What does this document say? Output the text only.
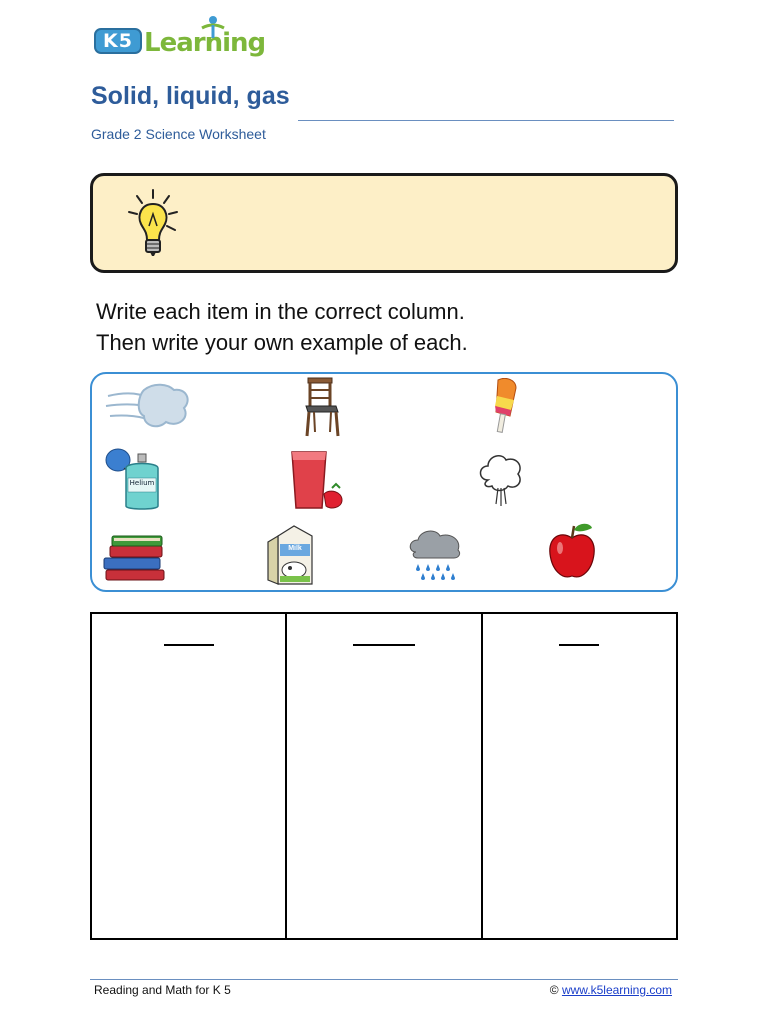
K5 Learning
Solid, liquid, gas
Grade 2 Science Worksheet
Write each item in the correct column.
Then write your own example of each.
Helium
Milk
Reading and Math for K 5	© www.k5learning.com
